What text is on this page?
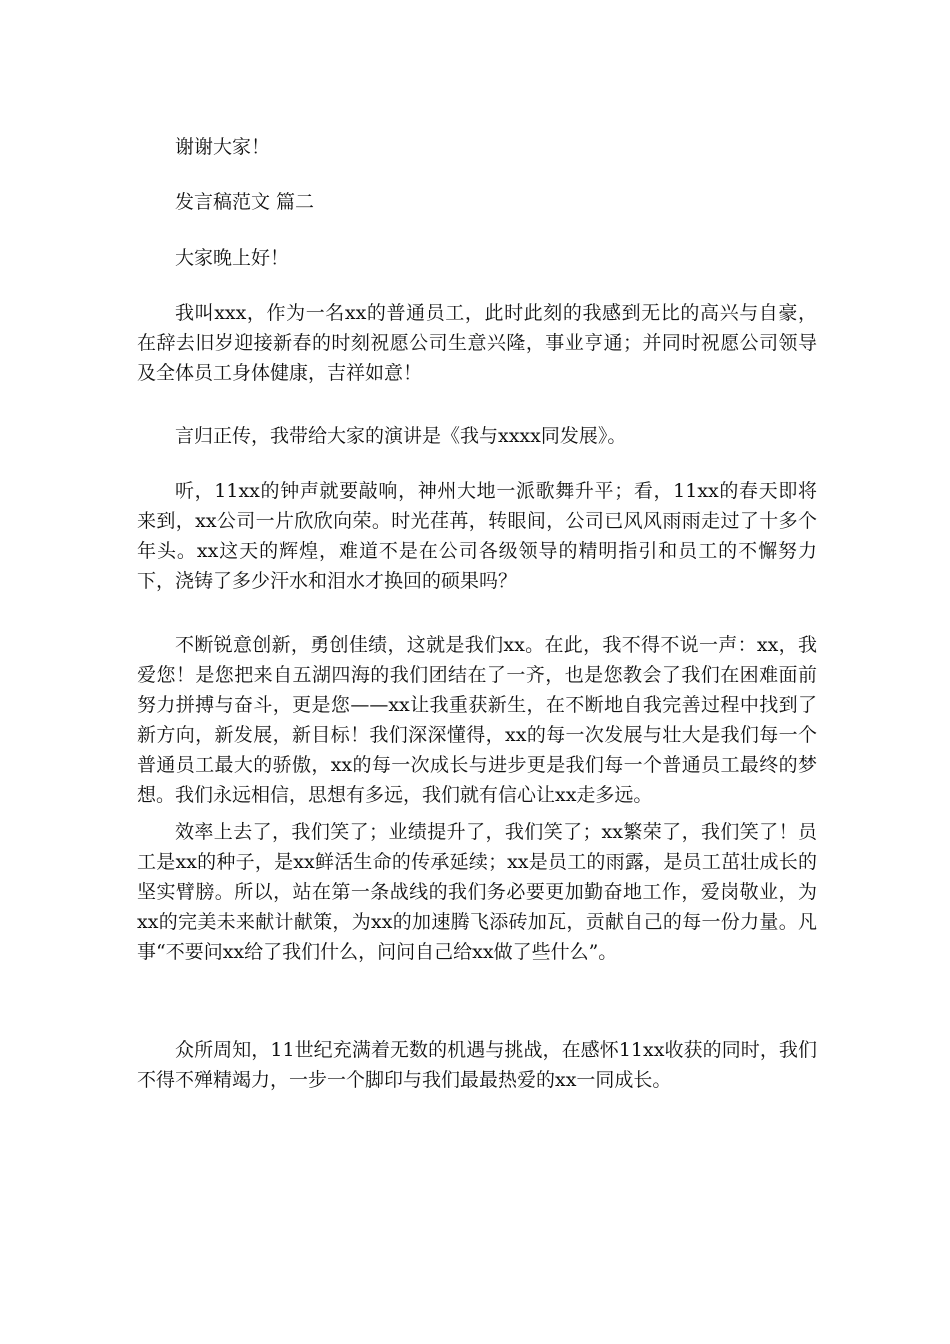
谢谢大家！

发言稿范文 篇二

大家晚上好！

我叫xxx，作为一名xx的普通员工，此时此刻的我感到无比的高兴与自豪，在辞去旧岁迎接新春的时刻祝愿公司生意兴隆，事业亨通；并同时祝愿公司领导及全体员工身体健康，吉祥如意！

言归正传，我带给大家的演讲是《我与xxxx同发展》。

听，11xx的钟声就要敲响，神州大地一派歌舞升平；看，11xx的春天即将来到，xx公司一片欣欣向荣。时光荏苒，转眼间，公司已风风雨雨走过了十多个年头。xx这天的辉煌，难道不是在公司各级领导的精明指引和员工的不懈努力下，浇铸了多少汗水和泪水才换回的硕果吗？

不断锐意创新，勇创佳绩，这就是我们xx。在此，我不得不说一声：xx，我爱您！是您把来自五湖四海的我们团结在了一齐，也是您教会了我们在困难面前努力拼搏与奋斗，更是您——xx让我重获新生，在不断地自我完善过程中找到了新方向，新发展，新目标！我们深深懂得，xx的每一次发展与壮大是我们每一个普通员工最大的骄傲，xx的每一次成长与进步更是我们每一个普通员工最终的梦想。我们永远相信，思想有多远，我们就有信心让xx走多远。

效率上去了，我们笑了；业绩提升了，我们笑了；xx繁荣了，我们笑了！员工是xx的种子，是xx鲜活生命的传承延续；xx是员工的雨露，是员工茁壮成长的坚实臂膀。所以，站在第一条战线的我们务必要更加勤奋地工作，爱岗敬业，为xx的完美未来献计献策，为xx的加速腾飞添砖加瓦，贡献自己的每一份力量。凡事“不要问xx给了我们什么，问问自己给xx做了些什么”。

众所周知，11世纪充满着无数的机遇与挑战，在感怀11xx收获的同时，我们不得不殚精竭力，一步一个脚印与我们最最热爱的xx一同成长。
